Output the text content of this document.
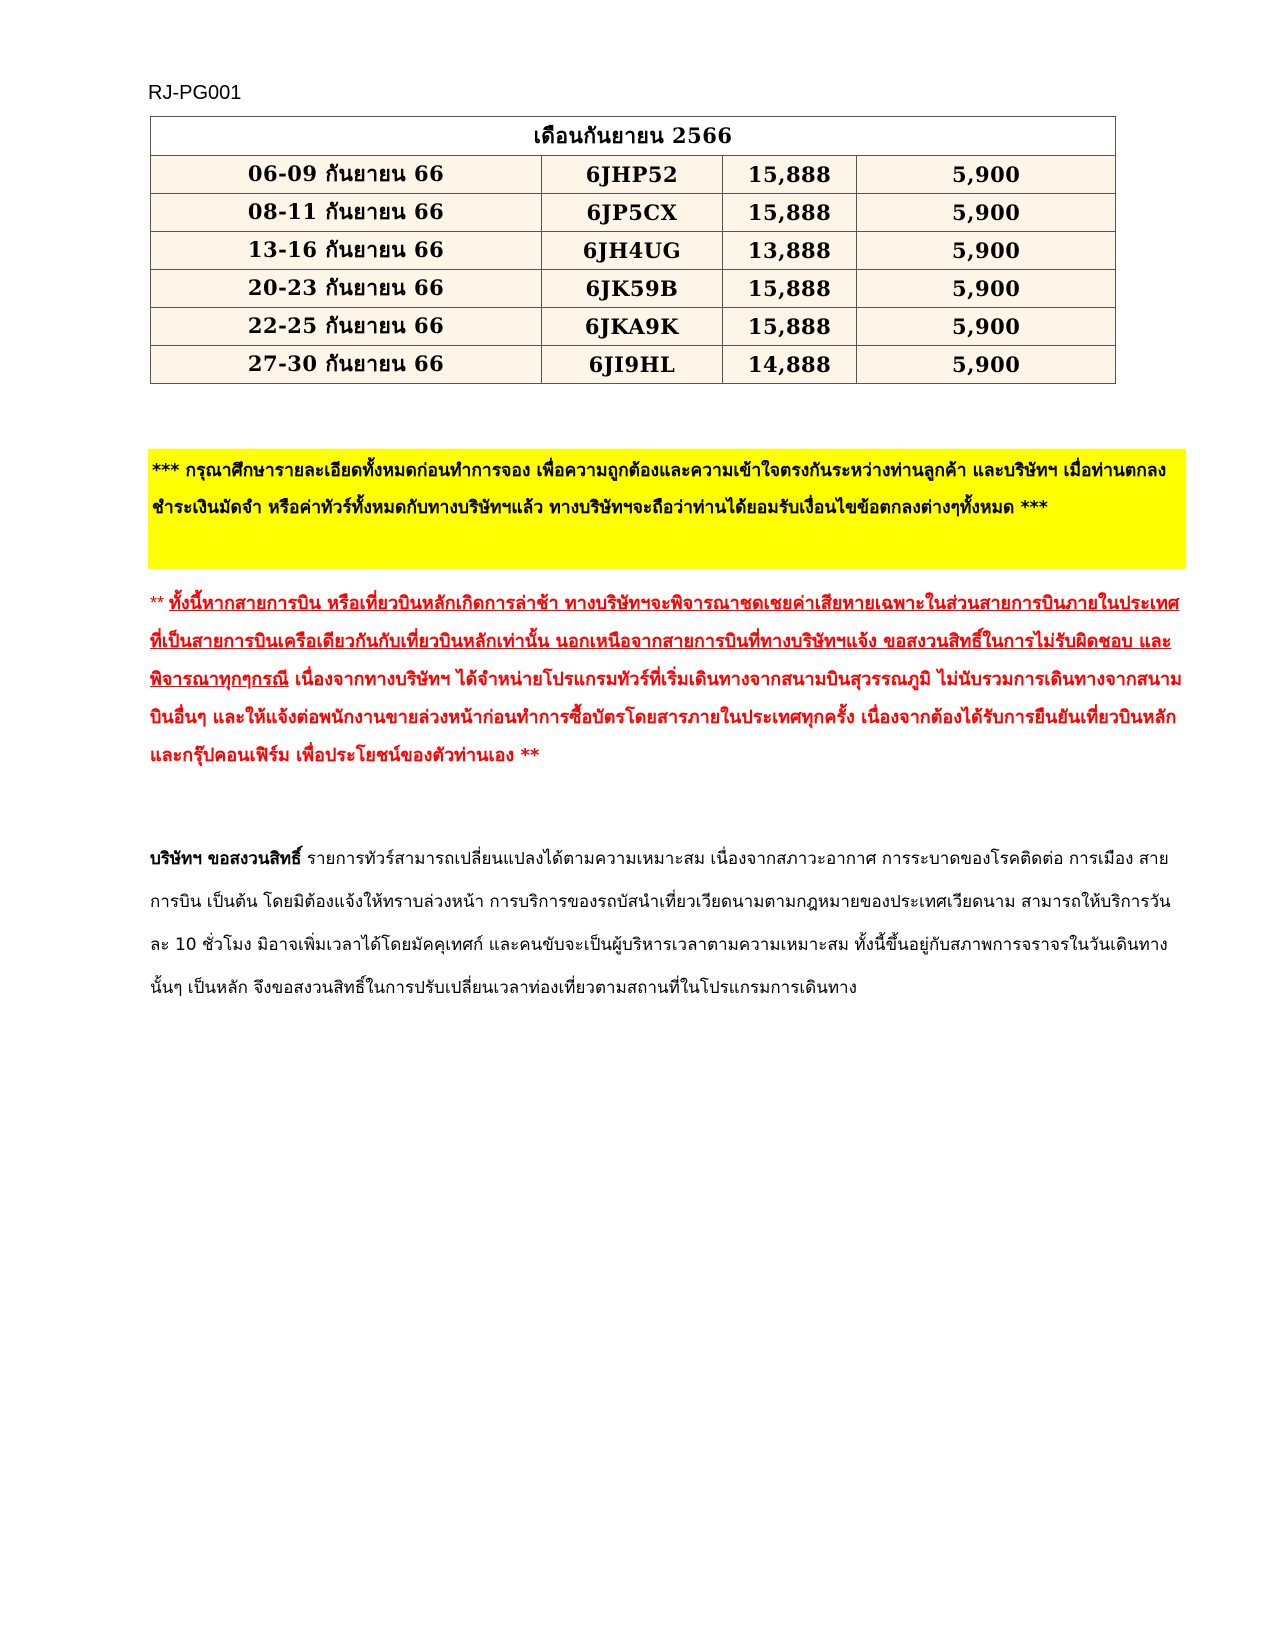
RJ-PG001
เดือนกันยายน 2566			
06-09 กันยายน 66	6JHP52	15,888	5,900
08-11 กันยายน 66	6JP5CX	15,888	5,900
13-16 กันยายน 66	6JH4UG	13,888	5,900
20-23 กันยายน 66	6JK59B	15,888	5,900
22-25 กันยายน 66	6JKA9K	15,888	5,900
27-30 กันยายน 66	6JI9HL	14,888	5,900
*** กรุณาศึกษารายละเอียดทั้งหมดก่อนทำการจอง เพื่อความถูกต้องและความเข้าใจตรงกันระหว่างท่านลูกค้า และบริษัทฯ เมื่อท่านตกลงชำระเงินมัดจำ หรือค่าทัวร์ทั้งหมดกับทางบริษัทฯแล้ว ทางบริษัทฯจะถือว่าท่านได้ยอมรับเงื่อนไขข้อตกลงต่างๆทั้งหมด ***
** ทั้งนี้หากสายการบิน หรือเที่ยวบินหลักเกิดการล่าช้า ทางบริษัทฯจะพิจารณาชดเชยค่าเสียหายเฉพาะในส่วนสายการบินภายในประเทศที่เป็นสายการบินเครือเดียวกันกับเที่ยวบินหลักเท่านั้น นอกเหนือจากสายการบินที่ทางบริษัทฯแจ้ง ขอสงวนสิทธิ์ในการไม่รับผิดชอบ และพิจารณาทุกๆกรณี เนื่องจากทางบริษัทฯ ได้จำหน่ายโปรแกรมทัวร์ที่เริ่มเดินทางจากสนามบินสุวรรณภูมิ ไม่นับรวมการเดินทางจากสนามบินอื่นๆ และให้แจ้งต่อพนักงานขายล่วงหน้าก่อนทำการซื้อบัตรโดยสารภายในประเทศทุกครั้ง เนื่องจากต้องได้รับการยืนยันเที่ยวบินหลัก และกรุ๊ปคอนเฟิร์ม เพื่อประโยชน์ของตัวท่านเอง **
บริษัทฯ ขอสงวนสิทธิ์ รายการทัวร์สามารถเปลี่ยนแปลงได้ตามความเหมาะสม เนื่องจากสภาวะอากาศ การระบาดของโรคติดต่อ การเมือง สายการบิน เป็นต้น โดยมิต้องแจ้งให้ทราบล่วงหน้า การบริการของรถบัสนำเที่ยวเวียดนามตามกฎหมายของประเทศเวียดนาม สามารถให้บริการวันละ 10 ชั่วโมง มิอาจเพิ่มเวลาได้โดยมัคคุเทศก์ และคนขับจะเป็นผู้บริหารเวลาตามความเหมาะสม ทั้งนี้ขึ้นอยู่กับสภาพการจราจรในวันเดินทางนั้นๆ เป็นหลัก จึงขอสงวนสิทธิ์ในการปรับเปลี่ยนเวลาท่องเที่ยวตามสถานที่ในโปรแกรมการเดินทาง
